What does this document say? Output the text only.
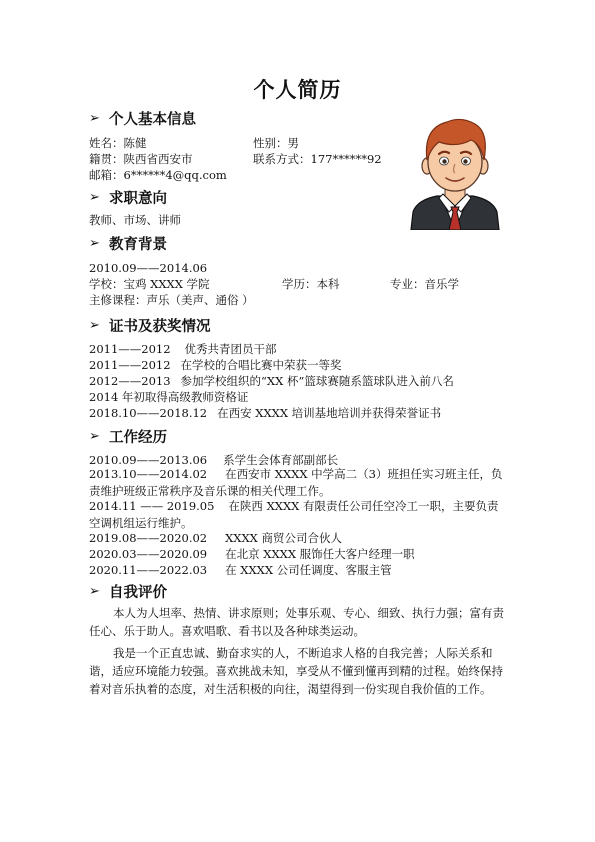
个人简历
➢ 个人基本信息
姓名：陈健	性别：男
籍贯：陕西省西安市	联系方式：177******92
邮箱：6******4@qq.com
➢ 求职意向
教师、市场、讲师
➢ 教育背景
2010.09——2014.06
学校：宝鸡 XXXX 学院	学历：本科	专业：音乐学
主修课程：声乐（美声、通俗 ）
➢ 证书及获奖情况
2011——2012 优秀共青团员干部
2011——2012 在学校的合唱比赛中荣获一等奖
2012——2013 参加学校组织的“XX 杯”篮球赛随系篮球队进入前八名
2014 年初取得高级教师资格证
2018.10——2018.12 在西安 XXXX 培训基地培训并获得荣誉证书
➢ 工作经历
2010.09——2013.06 系学生会体育部副部长
2013.10——2014.02 在西安市 XXXX 中学高二（3）班担任实习班主任，负责维护班级正常秩序及音乐课的相关代理工作。
2014.11 —— 2019.05 在陕西 XXXX 有限责任公司任空冷工一职，主要负责空调机组运行维护。
2019.08——2020.02 XXXX 商贸公司合伙人
2020.03——2020.09 在北京 XXXX 服饰任大客户经理一职
2020.11——2022.03 在 XXXX 公司任调度、客服主管
➢ 自我评价
本人为人坦率、热情、讲求原则；处事乐观、专心、细致、执行力强；富有责任心、乐于助人。喜欢唱歌、看书以及各种球类运动。
我是一个正直忠诚、勤奋求实的人，不断追求人格的自我完善；人际关系和谐，适应环境能力较强。喜欢挑战未知，享受从不懂到懂再到精的过程。始终保持着对音乐执着的态度，对生活积极的向往，渴望得到一份实现自我价值的工作。
